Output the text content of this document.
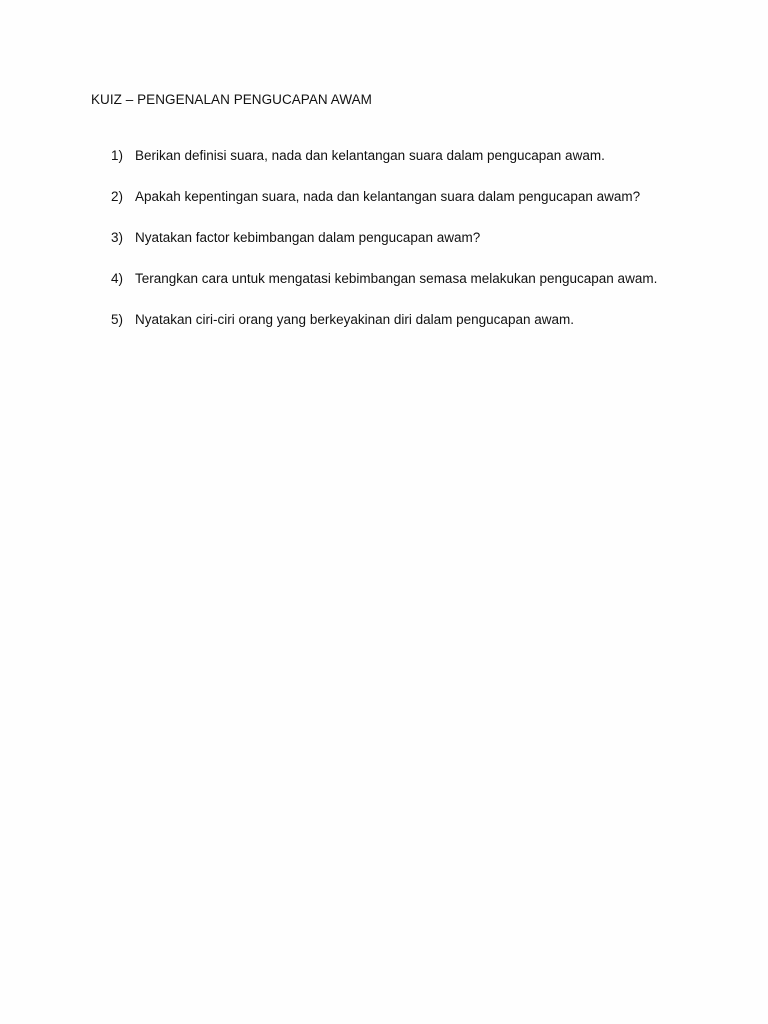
KUIZ – PENGENALAN PENGUCAPAN AWAM
1) Berikan definisi suara, nada dan kelantangan suara dalam pengucapan awam.
2) Apakah kepentingan suara, nada dan kelantangan suara dalam pengucapan awam?
3) Nyatakan factor kebimbangan dalam pengucapan awam?
4) Terangkan cara untuk mengatasi kebimbangan semasa melakukan pengucapan awam.
5) Nyatakan ciri-ciri orang yang berkeyakinan diri dalam pengucapan awam.
